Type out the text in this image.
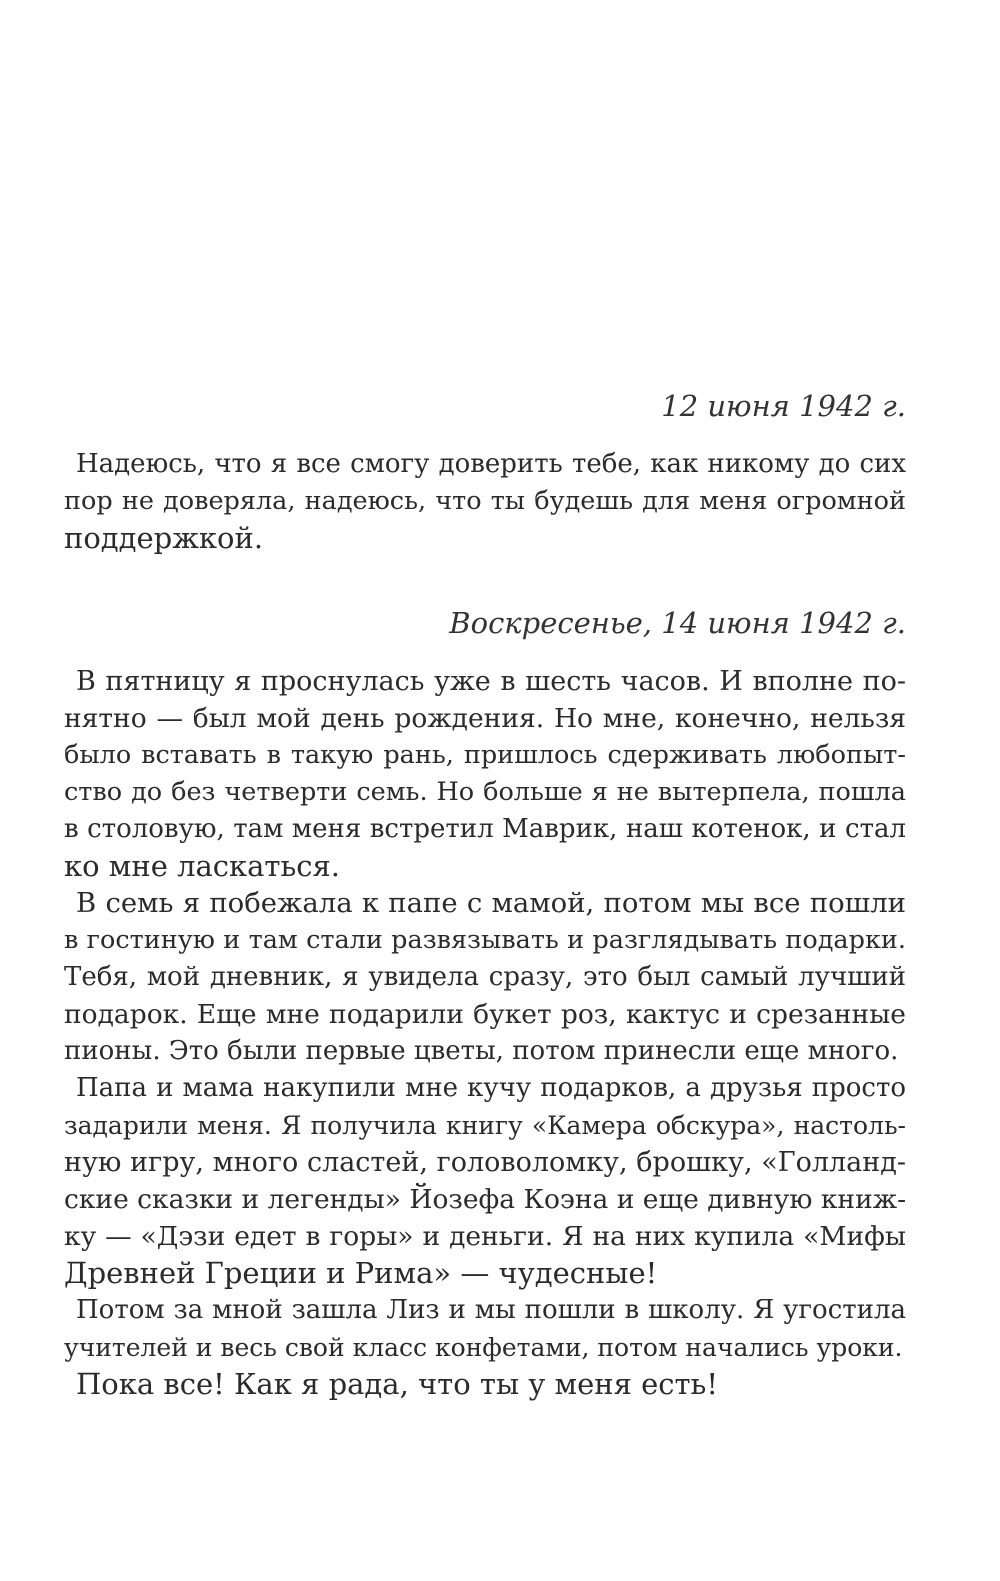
12 июня 1942 г.

Надеюсь, что я все смогу доверить тебе, как никому до сих
пор не доверяла, надеюсь, что ты будешь для меня огромной
поддержкой.

Воскресенье, 14 июня 1942 г.

В пятницу я проснулась уже в шесть часов. И вполне по-
нятно — был мой день рождения. Но мне, конечно, нельзя
было вставать в такую рань, пришлось сдерживать любопыт-
ство до без четверти семь. Но больше я не вытерпела, пошла
в столовую, там меня встретил Маврик, наш котенок, и стал
ко мне ласкаться.
В семь я побежала к папе с мамой, потом мы все пошли
в гостиную и там стали развязывать и разглядывать подарки.
Тебя, мой дневник, я увидела сразу, это был самый лучший
подарок. Еще мне подарили букет роз, кактус и срезанные
пионы. Это были первые цветы, потом принесли еще много.
Папа и мама накупили мне кучу подарков, а друзья просто
задарили меня. Я получила книгу «Камера обскура», настоль-
ную игру, много сластей, головоломку, брошку, «Голланд-
ские сказки и легенды» Йозефа Коэна и еще дивную книж-
ку — «Дэзи едет в горы» и деньги. Я на них купила «Мифы
Древней Греции и Рима» — чудесные!
Потом за мной зашла Лиз и мы пошли в школу. Я угостила
учителей и весь свой класс конфетами, потом начались уроки.
Пока все! Как я рада, что ты у меня есть!
